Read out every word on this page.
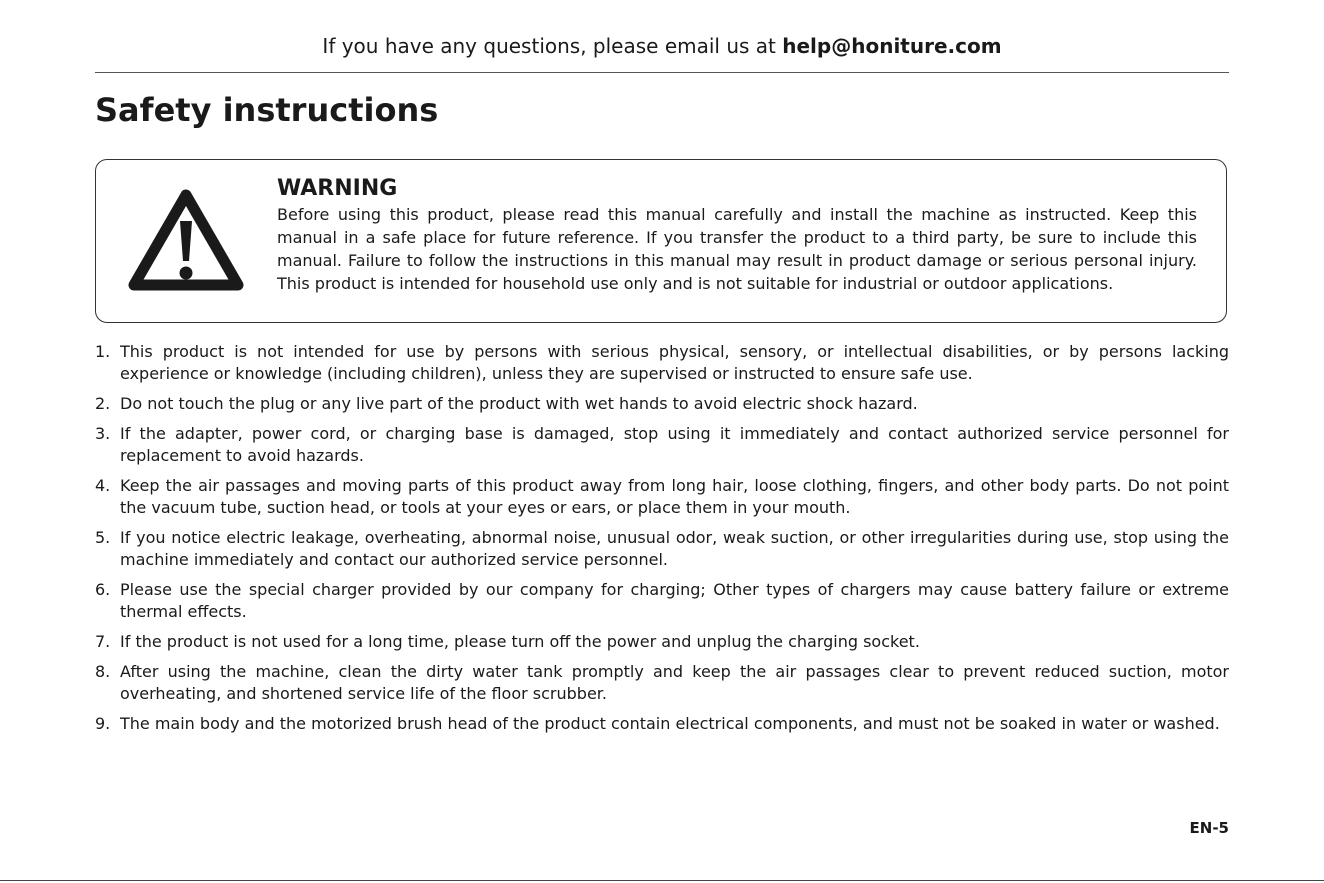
If you have any questions, please email us at help@honiture.com
Safety instructions
WARNING
Before using this product, please read this manual carefully and install the machine as instructed. Keep this manual in a safe place for future reference. If you transfer the product to a third party, be sure to include this manual. Failure to follow the instructions in this manual may result in product damage or serious personal injury. This product is intended for household use only and is not suitable for industrial or outdoor applications.
1. This product is not intended for use by persons with serious physical, sensory, or intellectual disabilities, or by persons lacking experience or knowledge (including children), unless they are supervised or instructed to ensure safe use.
2. Do not touch the plug or any live part of the product with wet hands to avoid electric shock hazard.
3. If the adapter, power cord, or charging base is damaged, stop using it immediately and contact authorized service personnel for replacement to avoid hazards.
4. Keep the air passages and moving parts of this product away from long hair, loose clothing, fingers, and other body parts. Do not point the vacuum tube, suction head, or tools at your eyes or ears, or place them in your mouth.
5. If you notice electric leakage, overheating, abnormal noise, unusual odor, weak suction, or other irregularities during use, stop using the machine immediately and contact our authorized service personnel.
6. Please use the special charger provided by our company for charging; Other types of chargers may cause battery failure or extreme thermal effects.
7. If the product is not used for a long time, please turn off the power and unplug the charging socket.
8. After using the machine, clean the dirty water tank promptly and keep the air passages clear to prevent reduced suction, motor overheating, and shortened service life of the floor scrubber.
9. The main body and the motorized brush head of the product contain electrical components, and must not be soaked in water or washed.
EN-5
